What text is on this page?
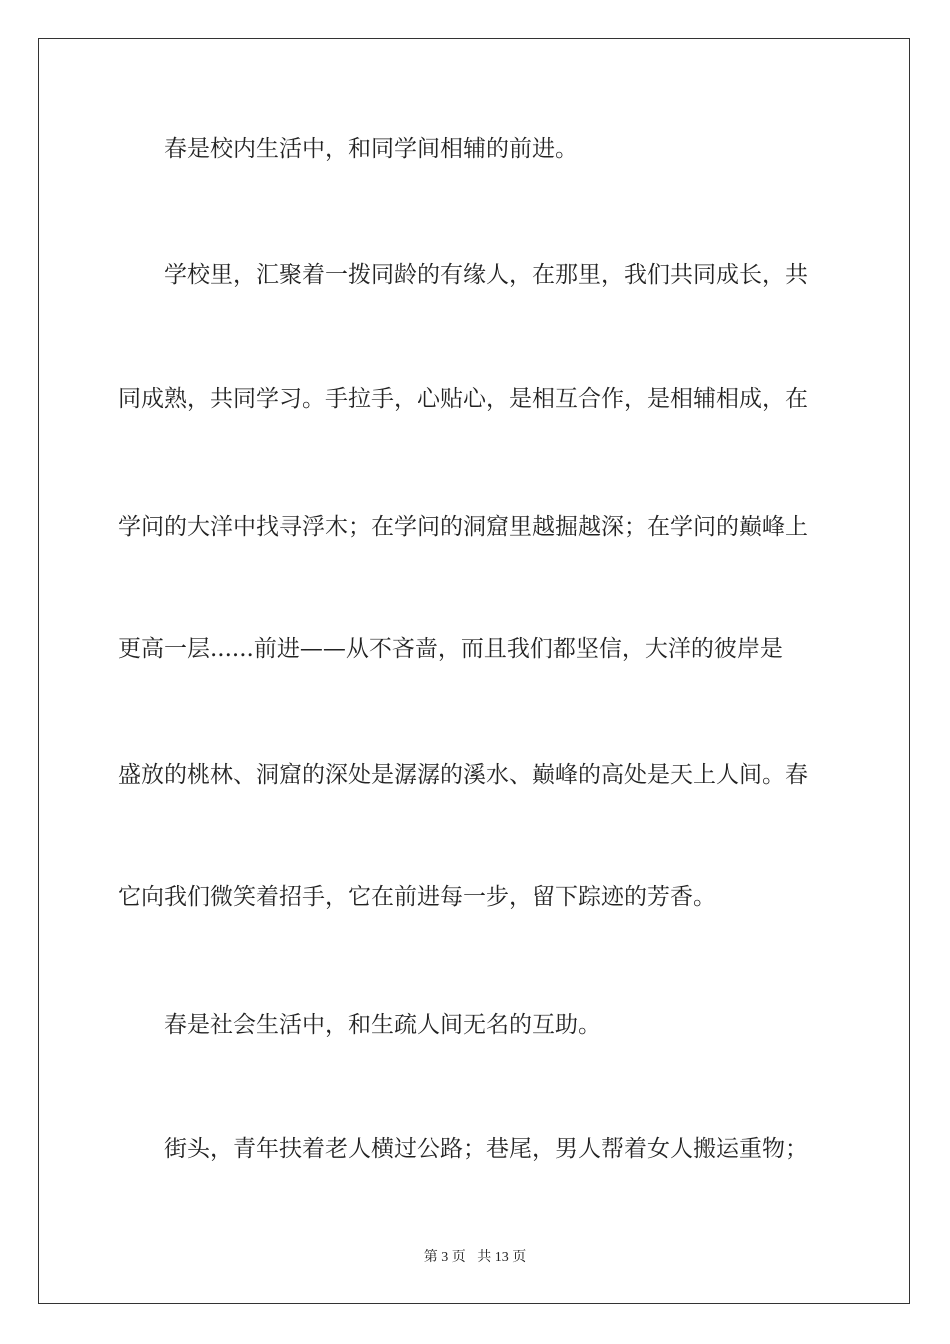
春是校内生活中，和同学间相辅的前进。
学校里，汇聚着一拨同龄的有缘人，在那里，我们共同成长，共
同成熟，共同学习。手拉手，心贴心，是相互合作，是相辅相成，在
学问的大洋中找寻浮木；在学问的洞窟里越掘越深；在学问的巅峰上
更高一层......前进——从不吝啬，而且我们都坚信，大洋的彼岸是
盛放的桃林、洞窟的深处是潺潺的溪水、巅峰的高处是天上人间。春
它向我们微笑着招手，它在前进每一步，留下踪迹的芳香。
春是社会生活中，和生疏人间无名的互助。
街头，青年扶着老人横过公路；巷尾，男人帮着女人搬运重物；
第 3 页 共 13 页
